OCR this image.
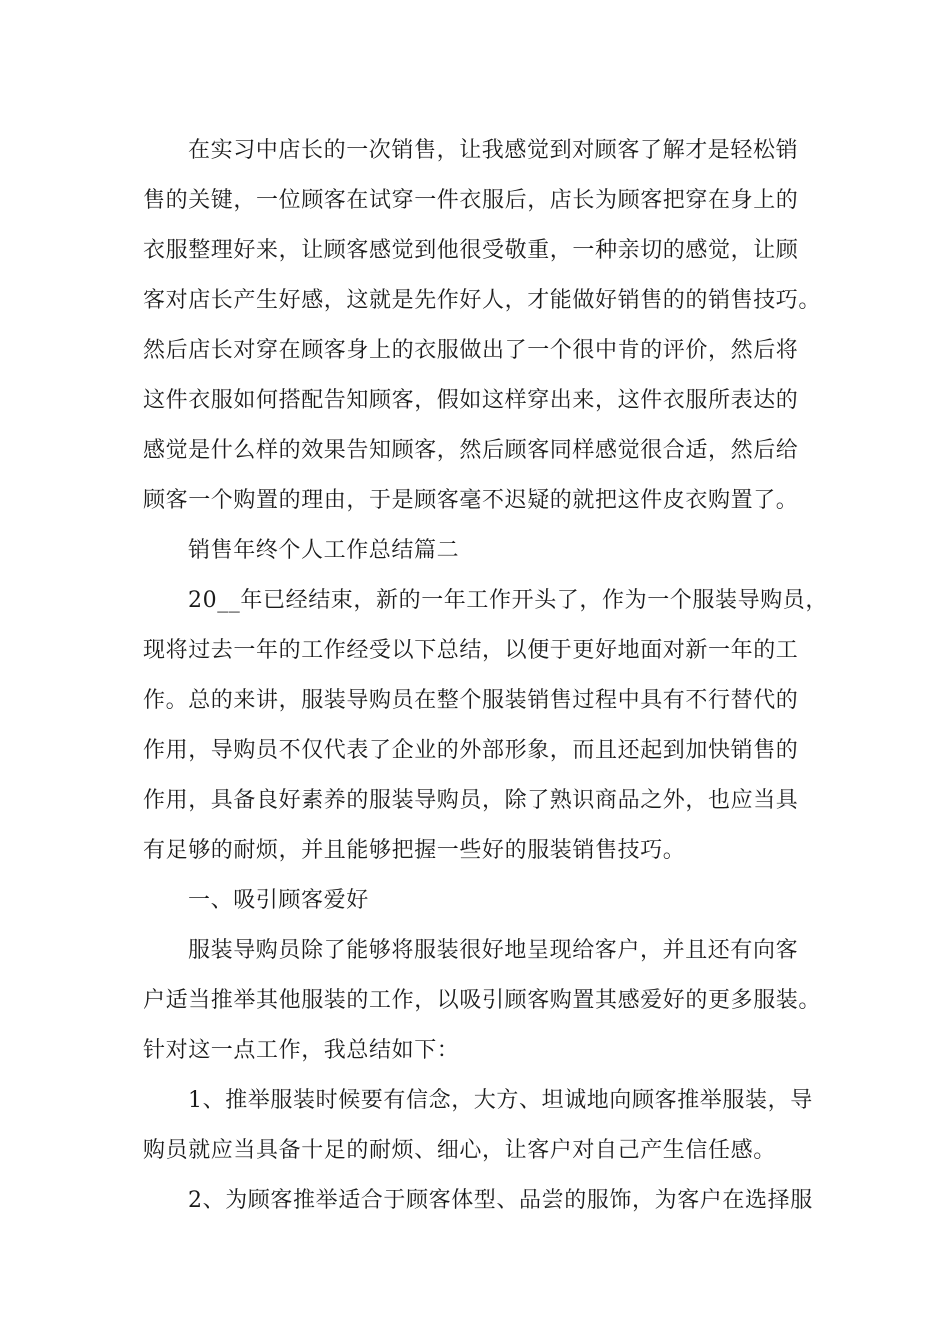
在实习中店长的一次销售，让我感觉到对顾客了解才是轻松销
售的关键，一位顾客在试穿一件衣服后，店长为顾客把穿在身上的
衣服整理好来，让顾客感觉到他很受敬重，一种亲切的感觉，让顾
客对店长产生好感，这就是先作好人，才能做好销售的的销售技巧。
然后店长对穿在顾客身上的衣服做出了一个很中肯的评价，然后将
这件衣服如何搭配告知顾客，假如这样穿出来，这件衣服所表达的
感觉是什么样的效果告知顾客，然后顾客同样感觉很合适，然后给
顾客一个购置的理由，于是顾客毫不迟疑的就把这件皮衣购置了。
销售年终个人工作总结篇二
20__年已经结束，新的一年工作开头了，作为一个服装导购员，
现将过去一年的工作经受以下总结，以便于更好地面对新一年的工
作。总的来讲，服装导购员在整个服装销售过程中具有不行替代的
作用，导购员不仅代表了企业的外部形象，而且还起到加快销售的
作用，具备良好素养的服装导购员，除了熟识商品之外，也应当具
有足够的耐烦，并且能够把握一些好的服装销售技巧。
一、吸引顾客爱好
服装导购员除了能够将服装很好地呈现给客户，并且还有向客
户适当推举其他服装的工作，以吸引顾客购置其感爱好的更多服装。
针对这一点工作，我总结如下：
1、推举服装时候要有信念，大方、坦诚地向顾客推举服装，导
购员就应当具备十足的耐烦、细心，让客户对自己产生信任感。
2、为顾客推举适合于顾客体型、品尝的服饰，为客户在选择服
